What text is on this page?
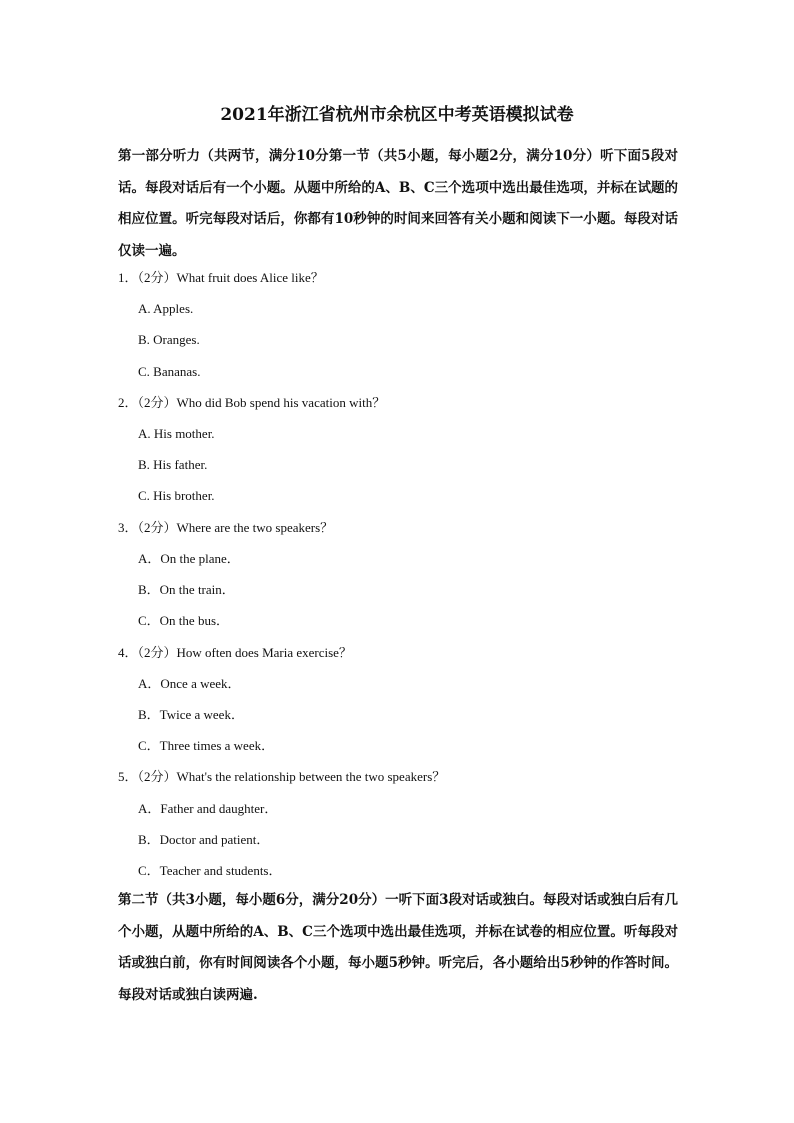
2021年浙江省杭州市余杭区中考英语模拟试卷
第一部分听力（共两节，满分10分第一节（共5小题，每小题2分，满分10分）听下面5段对话。每段对话后有一个小题。从题中所给的A、B、C三个选项中选出最佳选项，并标在试题的相应位置。听完每段对话后，你都有10秒钟的时间来回答有关小题和阅读下一小题。每段对话仅读一遍。
1．（2分）What fruit does Alice like？
A. Apples.
B. Oranges.
C. Bananas.
2．（2分）Who did Bob spend his vacation with？
A. His mother.
B. His father.
C. His brother.
3．（2分）Where are the two speakers？
A．On the plane．
B．On the train．
C．On the bus．
4．（2分）How often does Maria exercise？
A．Once a week．
B．Twice a week．
C．Three times a week．
5．（2分）What's the relationship between the two speakers？
A．Father and daughter．
B．Doctor and patient．
C．Teacher and students．
第二节（共3小题，每小题6分，满分20分）一听下面3段对话或独白。每段对话或独白后有几个小题，从题中所给的A、B、C三个选项中选出最佳选项，并标在试卷的相应位置。听每段对话或独白前，你有时间阅读各个小题，每小题5秒钟。听完后，各小题给出5秒钟的作答时间。每段对话或独白读两遍.
